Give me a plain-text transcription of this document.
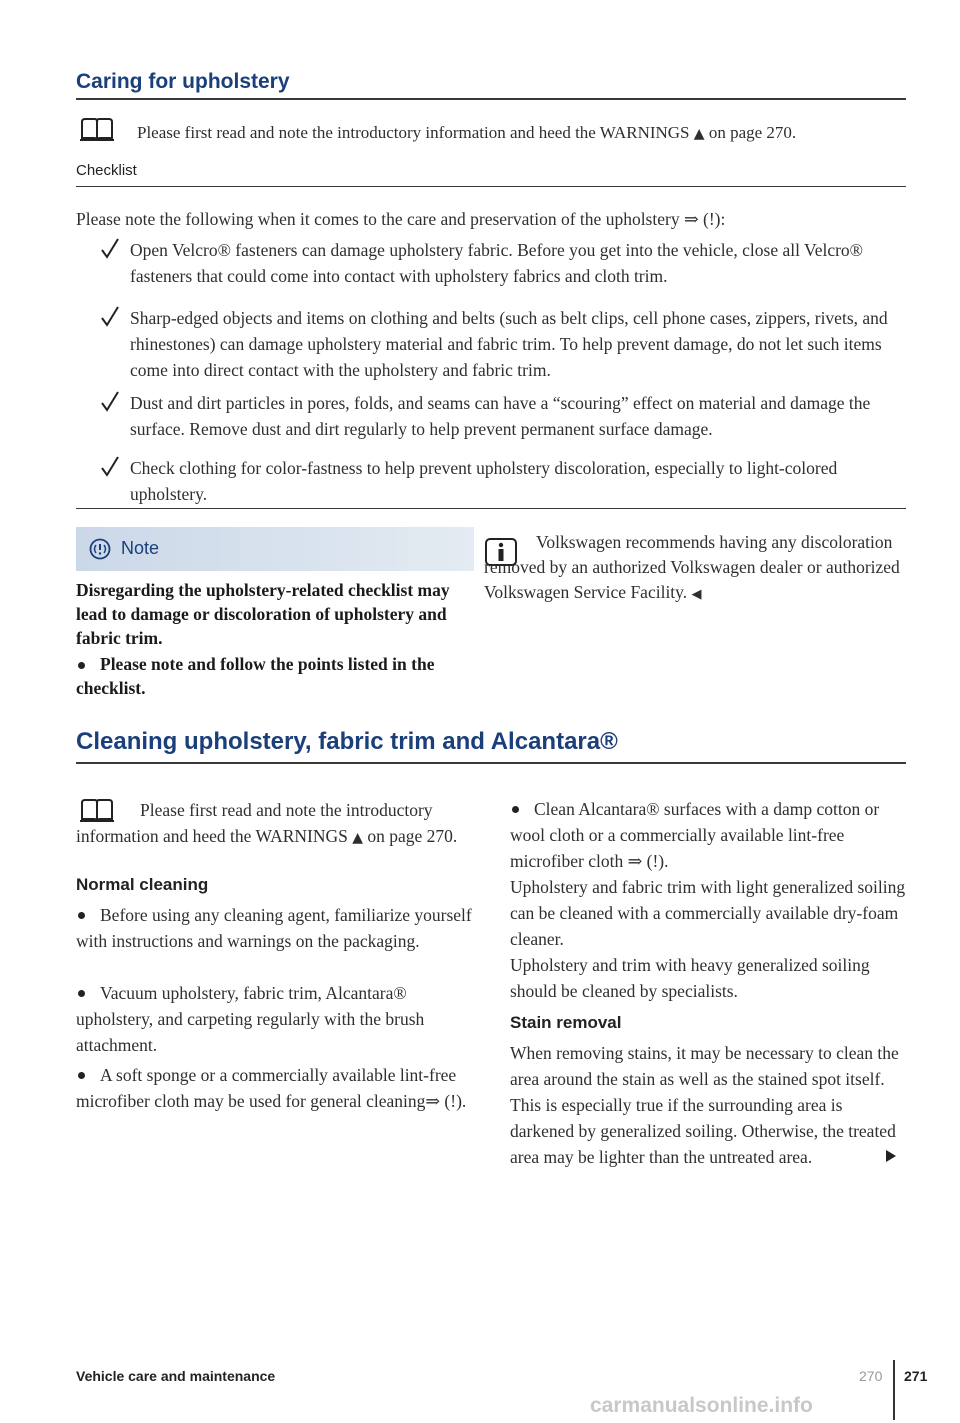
Caring for upholstery
Please first read and note the introductory information and heed the WARNINGS ▲ on page 270.
Checklist
Please note the following when it comes to the care and preservation of the upholstery ⇒ (!):

Open Velcro® fasteners can damage upholstery fabric. Before you get into the vehicle, close all Velcro® fasteners that could come into contact with upholstery fabrics and cloth trim.

Sharp-edged objects and items on clothing and belts (such as belt clips, cell phone cases, zippers, rivets, and rhinestones) can damage upholstery material and fabric trim. To help prevent damage, do not let such items come into direct contact with the upholstery and fabric trim.

Dust and dirt particles in pores, folds, and seams can have a “scouring” effect on material and damage the surface. Remove dust and dirt regularly to help prevent permanent surface damage.

Check clothing for color-fastness to help prevent upholstery discoloration, especially to light-colored upholstery.

Note
Disregarding the upholstery-related checklist may lead to damage or discoloration of upholstery and fabric trim.
Please note and follow the points listed in the checklist.
Volkswagen recommends having any discoloration removed by an authorized Volkswagen dealer or authorized Volkswagen Service Facility. ◀
Cleaning upholstery, fabric trim and Alcantara®
Please first read and note the introductory information and heed the WARNINGS ▲ on page 270.
Normal cleaning
Before using any cleaning agent, familiarize yourself with instructions and warnings on the packaging.
Vacuum upholstery, fabric trim, Alcantara® upholstery, and carpeting regularly with the brush attachment.
A soft sponge or a commercially available lint-free microfiber cloth may be used for general cleaning⇒ (!).
Clean Alcantara® surfaces with a damp cotton or wool cloth or a commercially available lint-free microfiber cloth ⇒ (!).
Upholstery and fabric trim with light generalized soiling can be cleaned with a commercially available dry-foam cleaner.
Upholstery and trim with heavy generalized soiling should be cleaned by specialists.
Stain removal
When removing stains, it may be necessary to clean the area around the stain as well as the stained spot itself. This is especially true if the surrounding area is darkened by generalized soiling. Otherwise, the treated area may be lighter than the untreated area.
Vehicle care and maintenance	270 271
carmanualsonline.info
